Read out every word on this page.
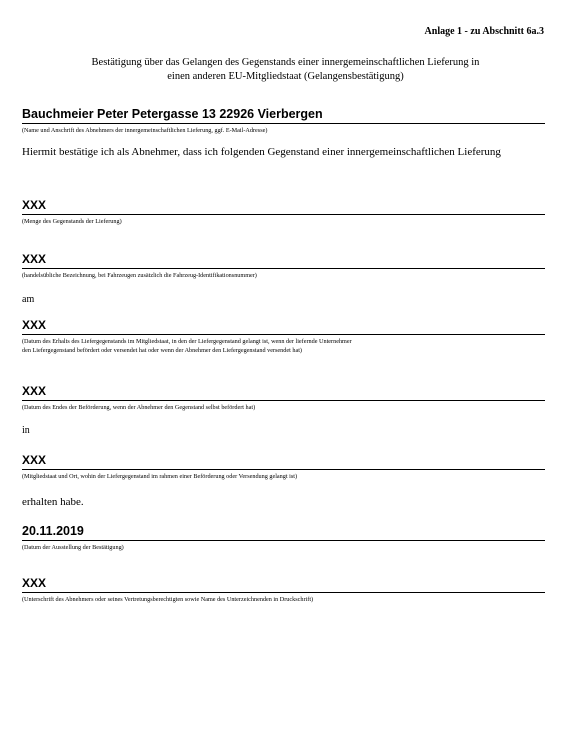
Anlage 1 - zu Abschnitt 6a.3
Bestätigung über das Gelangen des Gegenstands einer innergemeinschaftlichen Lieferung in
einen anderen EU-Mitgliedstaat (Gelangensbestätigung)
Bauchmeier Peter Petergasse 13 22926 Vierbergen
(Name und Anschrift des Abnehmers der innergemeinschaftlichen Lieferung, ggf. E-Mail-Adresse)
Hiermit bestätige ich als Abnehmer, dass ich folgenden Gegenstand einer innergemeinschaftlichen Lieferung
XXX
(Menge des Gegenstands der Lieferung)
XXX
(handelsübliche Bezeichnung, bei Fahrzeugen zusätzlich die Fahrzeug-Identifikationsnummer)
am
XXX
(Datum des Erhalts des Liefergegenstands im Mitgliedstaat, in den der Liefergegenstand gelangt ist, wenn der liefernde Unternehmer
den Liefergegenstand befördert oder versendet hat oder wenn der Abnehmer den Liefergegenstand versendet hat)
XXX
(Datum des Endes der Beförderung, wenn der Abnehmer den Gegenstand selbst befördert hat)
in
XXX
(Mitgliedstaat und Ort, wohin der Liefergegenstand im rahmen einer Beförderung oder Versendung gelangt ist)
erhalten habe.
20.11.2019
(Datum der Ausstellung der Bestätigung)
XXX
(Unterschrift des Abnehmers oder seines Vertretungsberechtigten sowie Name des Unterzeichnenden in Druckschrift)
